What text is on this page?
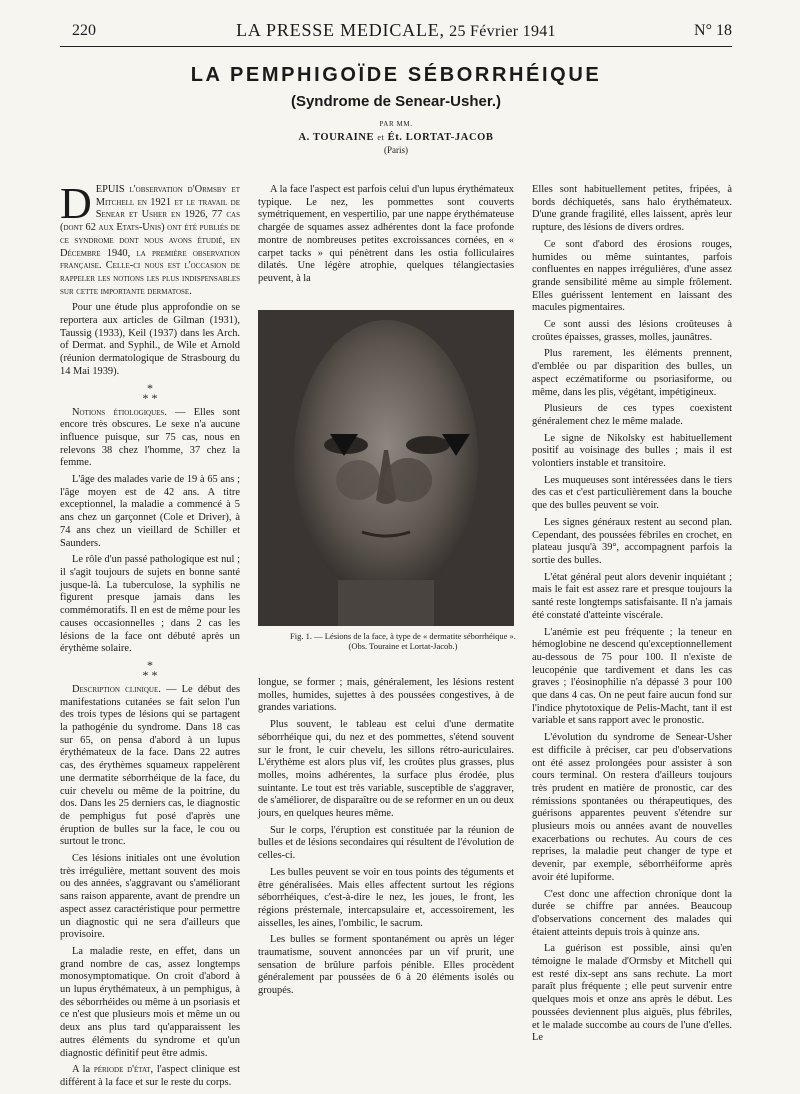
220	LA PRESSE MEDICALE, 25 Février 1941	N° 18
LA PEMPHIGOÏDE SÉBORRHÉIQUE
(Syndrome de Senear-Usher.)
PAR MM.
A. TOURAINE et Ét. LORTAT-JACOB
(Paris)

DEPUIS l'observation d'Ormsby et Mitchell en 1921 et le travail de Senear et Usher en 1926, 77 cas (dont 62 aux Etats-Unis) ont été publiés de ce syndrome dont nous avons étudié, en Décembre 1940, la première observation française. Celle-ci nous est l'occasion de rappeler les notions les plus indispensables sur cette importante dermatose.

Pour une étude plus approfondie on se reportera aux articles de Gilman (1931), Taussig (1933), Keil (1937) dans les Arch. of Dermat. and Syphil., de Wile et Arnold (réunion dermatologique de Strasbourg du 14 Mai 1939).

*
* *

Notions étiologiques. — Elles sont encore très obscures. Le sexe n'a aucune influence puisque, sur 75 cas, nous en relevons 38 chez l'homme, 37 chez la femme.

L'âge des malades varie de 19 à 65 ans ; l'âge moyen est de 42 ans. A titre exceptionnel, la maladie a commencé à 5 ans chez un garçonnet (Cole et Driver), à 74 ans chez un vieillard de Schiller et Saunders.

Le rôle d'un passé pathologique est nul ; il s'agit toujours de sujets en bonne santé jusque-là. La tuberculose, la syphilis ne figurent presque jamais dans les commémoratifs. Il en est de même pour les causes occasionnelles ; dans 2 cas les lésions de la face ont débuté après un érythème solaire.

*
* *

Description clinique. — Le début des manifestations cutanées se fait selon l'un des trois types de lésions qui se partagent la pathogénie du syndrome. Dans 18 cas sur 65, on pensa d'abord à un lupus érythémateux de la face. Dans 22 autres cas, des érythèmes squameux rappelèrent une dermatite séborrhéique de la face, du cuir chevelu ou même de la poitrine, du dos. Dans les 25 derniers cas, le diagnostic de pemphigus fut posé d'après une éruption de bulles sur la face, le cou ou surtout le tronc.

Ces lésions initiales ont une évolution très irrégulière, mettant souvent des mois ou des années, s'aggravant ou s'améliorant sans raison apparente, avant de prendre un aspect assez caractéristique pour permettre un diagnostic qui ne sera d'ailleurs que provisoire.

La maladie reste, en effet, dans un grand nombre de cas, assez longtemps monosymptomatique. On croit d'abord à un lupus érythémateux, à un pemphigus, à des séborrhéides ou même à un psoriasis et ce n'est que plusieurs mois et même un ou deux ans plus tard qu'apparaissent les autres éléments du syndrome et qu'un diagnostic définitif peut être admis.

A la période d'état, l'aspect clinique est différent à la face et sur le reste du corps.

A la face l'aspect est parfois celui d'un lupus érythémateux typique. Le nez, les pommettes sont couverts symétriquement, en vespertilio, par une nappe érythémateuse chargée de squames assez adhérentes dont la face profonde montre de nombreuses petites excroissances cornées, en « carpet tacks » qui pénètrent dans les ostia folliculaires dilatés. Une légère atrophie, quelques télangiectasies peuvent, à la

Fig. 1. — Lésions de la face, à type de « dermatite séborrhéique ».
(Obs. Touraine et Lortat-Jacob.)

longue, se former ; mais, généralement, les lésions restent molles, humides, sujettes à des poussées congestives, à de grandes variations.

Plus souvent, le tableau est celui d'une dermatite séborrhéique qui, du nez et des pommettes, s'étend souvent sur le front, le cuir chevelu, les sillons rétro-auriculaires. L'érythème est alors plus vif, les croûtes plus grasses, plus molles, moins adhérentes, la surface plus érodée, plus suintante. Le tout est très variable, susceptible de s'aggraver, de s'améliorer, de disparaître ou de se reformer en un ou deux jours, en quelques heures même.

Sur le corps, l'éruption est constituée par la réunion de bulles et de lésions secondaires qui résultent de l'évolution de celles-ci.

Les bulles peuvent se voir en tous points des téguments et être généralisées. Mais elles affectent surtout les régions séborrhéiques, c'est-à-dire le nez, les joues, le front, les régions présternale, intercapsulaire et, accessoirement, les aisselles, les aines, l'ombilic, le sacrum.

Les bulles se forment spontanément ou après un léger traumatisme, souvent annoncées par un vif prurit, une sensation de brûlure parfois pénible. Elles procèdent généralement par poussées de 6 à 20 éléments isolés ou groupés.

Elles sont habituellement petites, fripées, à bords déchiquetés, sans halo érythémateux. D'une grande fragilité, elles laissent, après leur rupture, des lésions de divers ordres.

Ce sont d'abord des érosions rouges, humides ou même suintantes, parfois confluentes en nappes irrégulières, d'une assez grande sensibilité même au simple frôlement. Elles guérissent lentement en laissant des macules pigmentaires.

Ce sont aussi des lésions croûteuses à croûtes épaisses, grasses, molles, jaunâtres.

Plus rarement, les éléments prennent, d'emblée ou par disparition des bulles, un aspect eczématiforme ou psoriasiforme, ou même, dans les plis, végétant, impétigineux.

Plusieurs de ces types coexistent généralement chez le même malade.

Le signe de Nikolsky est habituellement positif au voisinage des bulles ; mais il est volontiers instable et transitoire.

Les muqueuses sont intéressées dans le tiers des cas et c'est particulièrement dans la bouche que des bulles peuvent se voir.

Les signes généraux restent au second plan. Cependant, des poussées fébriles en crochet, en plateau jusqu'à 39°, accompagnent parfois la sortie des bulles.

L'état général peut alors devenir inquiétant ; mais le fait est assez rare et presque toujours la santé reste longtemps satisfaisante. Il n'a jamais été constaté d'atteinte viscérale.

L'anémie est peu fréquente ; la teneur en hémoglobine ne descend qu'exceptionnellement au-dessous de 75 pour 100. Il n'existe de leucopénie que tardivement et dans les cas graves ; l'éosinophilie n'a dépassé 3 pour 100 que dans 4 cas. On ne peut faire aucun fond sur l'indice phytotoxique de Pelis-Macht, tant il est variable et sans rapport avec le pronostic.

L'évolution du syndrome de Senear-Usher est difficile à préciser, car peu d'observations ont été assez prolongées pour assister à son cours terminal. On restera d'ailleurs toujours très prudent en matière de pronostic, car des rémissions spontanées ou thérapeutiques, des guérisons apparentes peuvent s'étendre sur plusieurs mois ou années avant de nouvelles exacerbations ou rechutes. Au cours de ces reprises, la maladie peut changer de type et devenir, par exemple, séborrhéiforme après avoir été lupiforme.

C'est donc une affection chronique dont la durée se chiffre par années. Beaucoup d'observations concernent des malades qui étaient atteints depuis trois à quinze ans.

La guérison est possible, ainsi qu'en témoigne le malade d'Ormsby et Mitchell qui est resté dix-sept ans sans rechute. La mort paraît plus fréquente ; elle peut survenir entre quelques mois et onze ans après le début. Les poussées deviennent plus aiguës, plus fébriles, et le malade succombe au cours de l'une d'elles. Le
